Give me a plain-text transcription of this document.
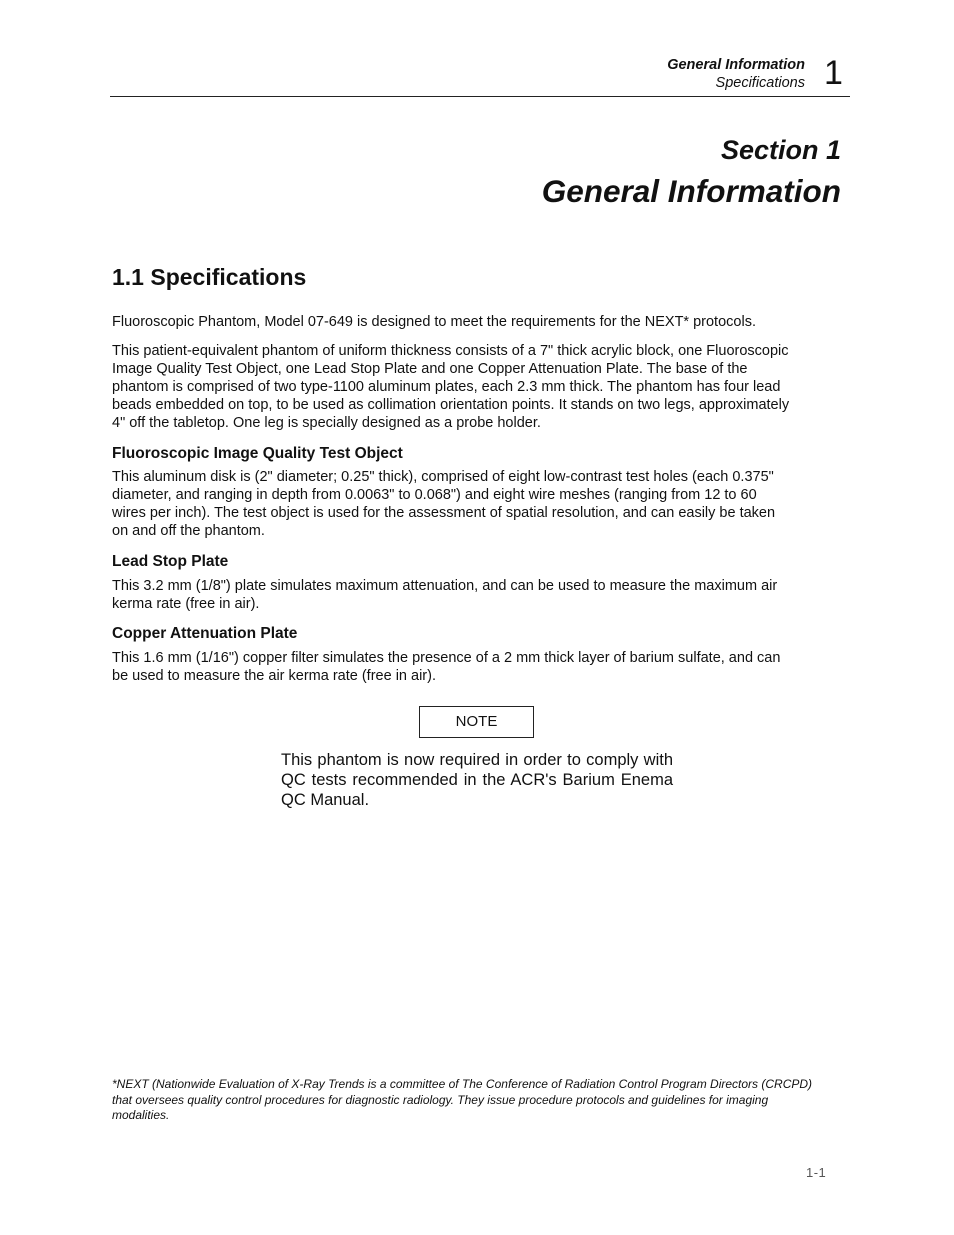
General Information
Specifications 1
Section 1
General Information
1.1 Specifications
Fluoroscopic Phantom, Model 07-649 is designed to meet the requirements for the NEXT* protocols.
This patient-equivalent phantom of uniform thickness consists of a 7" thick acrylic block, one Fluoroscopic
Image Quality Test Object, one Lead Stop Plate and one Copper Attenuation Plate. The base of the
phantom is comprised of two type-1100 aluminum plates, each 2.3 mm thick. The phantom has four lead
beads embedded on top, to be used as collimation orientation points. It stands on two legs, approximately
4" off the tabletop. One leg is specially designed as a probe holder.
Fluoroscopic Image Quality Test Object
This aluminum disk is (2" diameter; 0.25" thick), comprised of eight low-contrast test holes (each 0.375"
diameter, and ranging in depth from 0.0063" to 0.068") and eight wire meshes (ranging from 12 to 60
wires per inch). The test object is used for the assessment of spatial resolution, and can easily be taken
on and off the phantom.
Lead Stop Plate
This 3.2 mm (1/8") plate simulates maximum attenuation, and can be used to measure the maximum air
kerma rate (free in air).
Copper Attenuation Plate
This 1.6 mm (1/16") copper filter simulates the presence of a 2 mm thick layer of barium sulfate, and can
be used to measure the air kerma rate (free in air).
NOTE
This phantom is now required in order to comply with QC tests recommended in the ACR's Barium Enema QC Manual.
*NEXT (Nationwide Evaluation of X-Ray Trends is a committee of The Conference of Radiation Control Program Directors (CRCPD)
that oversees quality control procedures for diagnostic radiology. They issue procedure protocols and guidelines for imaging
modalities.
1-1
